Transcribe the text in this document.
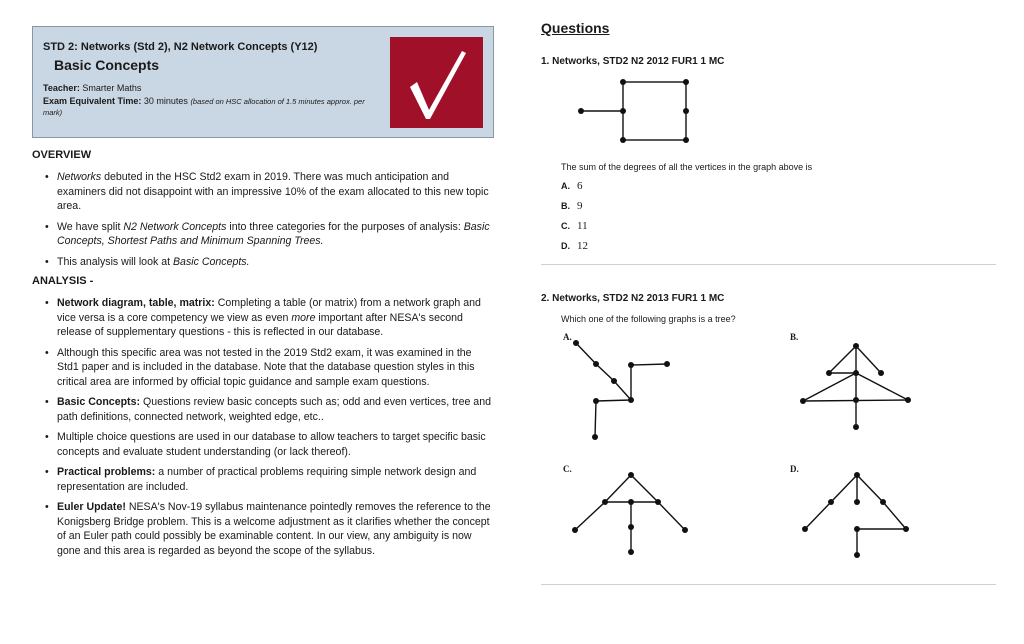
STD 2: Networks (Std 2), N2 Network Concepts (Y12)
Basic Concepts
Teacher: Smarter Maths
Exam Equivalent Time: 30 minutes (based on HSC allocation of 1.5 minutes approx. per mark)
OVERVIEW
• Networks debuted in the HSC Std2 exam in 2019. There was much anticipation and examiners did not disappoint with an impressive 10% of the exam allocated to this new topic area.
• We have split N2 Network Concepts into three categories for the purposes of analysis: Basic Concepts, Shortest Paths and Minimum Spanning Trees.
• This analysis will look at Basic Concepts.
ANALYSIS -
• Network diagram, table, matrix: Completing a table (or matrix) from a network graph and vice versa is a core competency we view as even more important after NESA's second release of supplementary questions - this is reflected in our database.
• Although this specific area was not tested in the 2019 Std2 exam, it was examined in the Std1 paper and is included in the database. Note that the database question styles in this critical area are informed by official topic guidance and sample exam questions.
• Basic Concepts: Questions review basic concepts such as; odd and even vertices, tree and path definitions, connected network, weighted edge, etc..
• Multiple choice questions are used in our database to allow teachers to target specific basic concepts and evaluate student understanding (or lack thereof).
• Practical problems: a number of practical problems requiring simple network design and representation are included.
• Euler Update! NESA's Nov-19 syllabus maintenance pointedly removes the reference to the Konigsberg Bridge problem. This is a welcome adjustment as it clarifies whether the concept of an Euler path could possibly be examinable content. In our view, any ambiguity is now gone and this area is regarded as beyond the scope of the syllabus.
Questions
1. Networks, STD2 N2 2012 FUR1 1 MC
The sum of the degrees of all the vertices in the graph above is
A. 6
B. 9
C. 11
D. 12
2. Networks, STD2 N2 2013 FUR1 1 MC
Which one of the following graphs is a tree?
A.	B.
C.	D.
